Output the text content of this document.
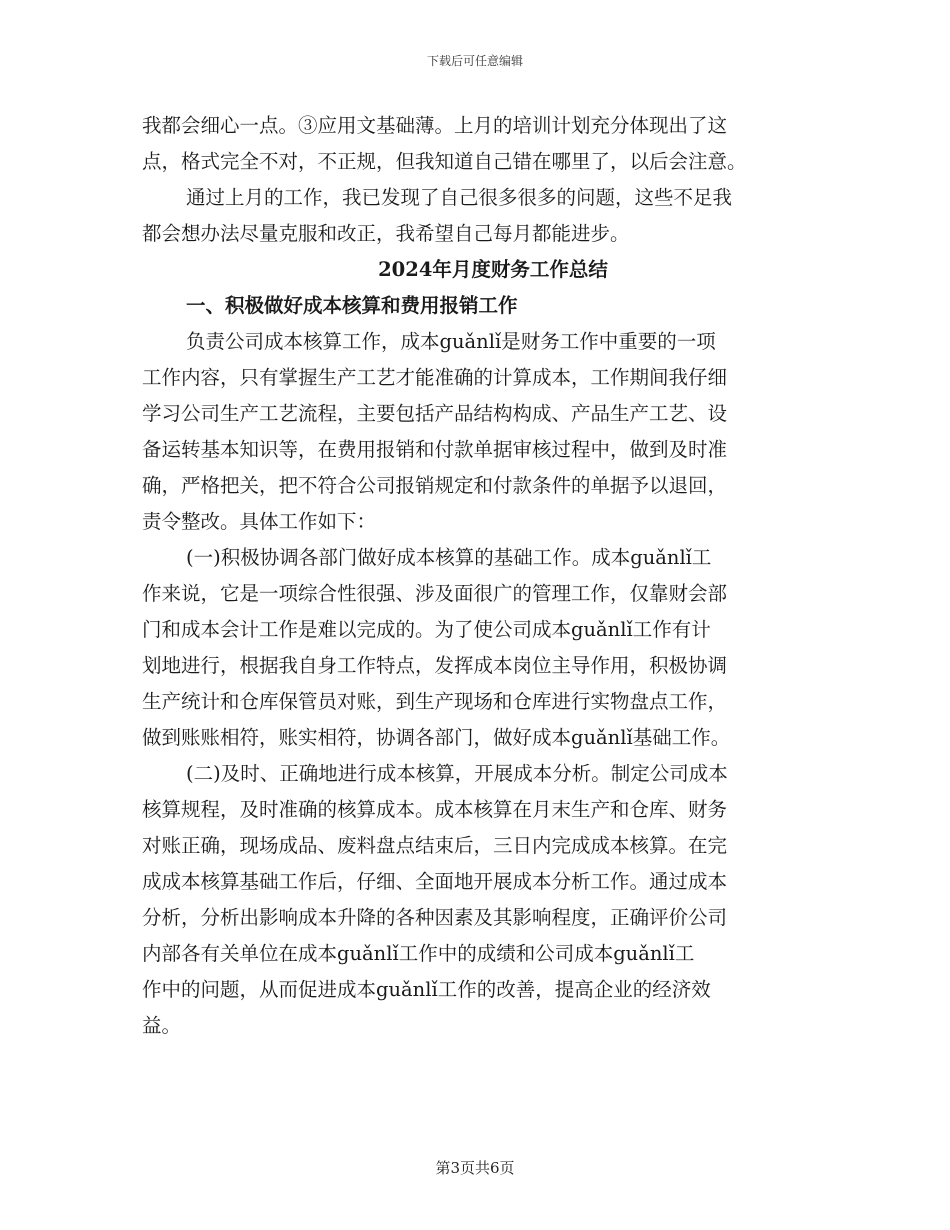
下载后可任意编辑
我都会细心一点。③应用文基础薄。上月的培训计划充分体现出了这
点，格式完全不对，不正规，但我知道自己错在哪里了，以后会注意。
通过上月的工作，我已发现了自己很多很多的问题，这些不足我
都会想办法尽量克服和改正，我希望自己每月都能进步。
2024年月度财务工作总结
一、积极做好成本核算和费用报销工作
负责公司成本核算工作，成本guǎnlǐ是财务工作中重要的一项
工作内容，只有掌握生产工艺才能准确的计算成本，工作期间我仔细
学习公司生产工艺流程，主要包括产品结构构成、产品生产工艺、设
备运转基本知识等，在费用报销和付款单据审核过程中，做到及时准
确，严格把关，把不符合公司报销规定和付款条件的单据予以退回，
责令整改。具体工作如下：
(一)积极协调各部门做好成本核算的基础工作。成本guǎnlǐ工
作来说，它是一项综合性很强、涉及面很广的管理工作，仅靠财会部
门和成本会计工作是难以完成的。为了使公司成本guǎnlǐ工作有计
划地进行，根据我自身工作特点，发挥成本岗位主导作用，积极协调
生产统计和仓库保管员对账，到生产现场和仓库进行实物盘点工作，
做到账账相符，账实相符，协调各部门，做好成本guǎnlǐ基础工作。
(二)及时、正确地进行成本核算，开展成本分析。制定公司成本
核算规程，及时准确的核算成本。成本核算在月末生产和仓库、财务
对账正确，现场成品、废料盘点结束后，三日内完成成本核算。在完
成成本核算基础工作后，仔细、全面地开展成本分析工作。通过成本
分析，分析出影响成本升降的各种因素及其影响程度，正确评价公司
内部各有关单位在成本guǎnlǐ工作中的成绩和公司成本guǎnlǐ工
作中的问题，从而促进成本guǎnlǐ工作的改善，提高企业的经济效
益。
第3页共6页
